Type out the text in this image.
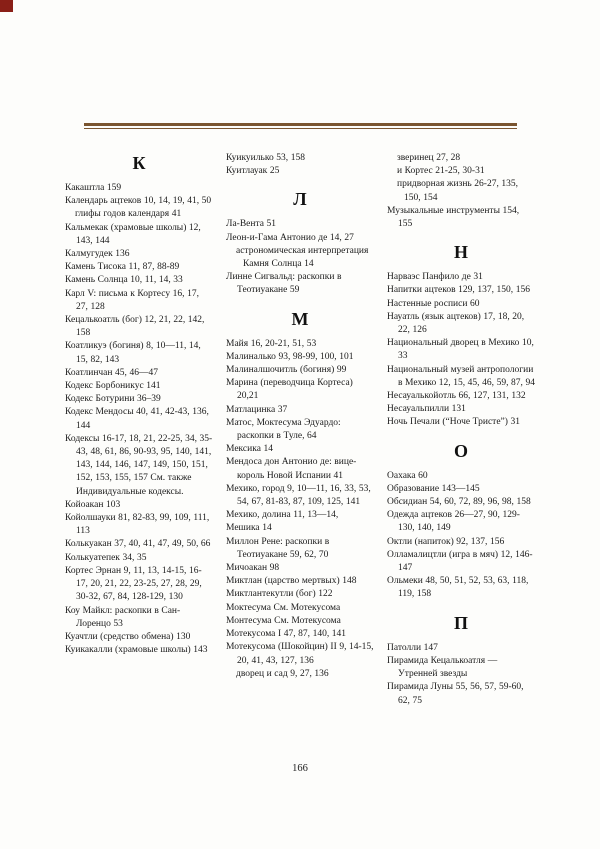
К
Какаштла 159
Календарь ацтеков 10, 14, 19, 41, 50
глифы годов календаря 41
Кальмекак (храмовые школы) 12, 143, 144
Калмугудек 136
Камень Тисока 11, 87, 88-89
Камень Солнца 10, 11, 14, 33
Карл V: письма к Кортесу 16, 17, 27, 128
Кецалькоатль (бог) 12, 21, 22, 142, 158
Коатликуэ (богиня) 8, 10—11, 14, 15, 82, 143
Коатлинчан 45, 46—47
Кодекс Борбоникус 141
Кодекс Ботурини 36–39
Кодекс Мендосы 40, 41, 42-43, 136, 144
Кодексы 16-17, 18, 21, 22-25, 34, 35-43, 48, 61, 86, 90-93, 95, 140, 141, 143, 144, 146, 147, 149, 150, 151, 152, 153, 155, 157 См. также Индивидуальные кодексы.
Койоакан 103
Койолшауки 81, 82-83, 99, 109, 111, 113
Колькуакан 37, 40, 41, 47, 49, 50, 66
Колькуатепек 34, 35
Кортес Эрнан 9, 11, 13, 14-15, 16-17, 20, 21, 22, 23-25, 27, 28, 29, 30-32, 67, 84, 128-129, 130
Коу Майкл: раскопки в Сан-Лоренцо 53
Куачтли (средство обмена) 130
Куикакалли (храмовые школы) 143
Куикуилько 53, 158
Куитлауак 25
Л
Ла-Вента 51
Леон-и-Гама Антонио де 14, 27
астрономическая интерпретация Камня Солнца 14
Линне Сигвальд: раскопки в Теотиуакане 59
М
Майя 16, 20-21, 51, 53
Малиналько 93, 98-99, 100, 101
Малиналшочитль (богиня) 99
Марина (переводчица Кортеса) 20,21
Матлацинка 37
Матос, Моктесума Эдуардо: раскопки в Туле, 64
Мексика 14
Мендоса дон Антонио де: вице-король Новой Испании 41
Мехико, город 9, 10—11, 16, 33, 53, 54, 67, 81-83, 87, 109, 125, 141
Мехико, долина 11, 13—14,
Мешика 14
Миллон Рене: раскопки в Теотиуакане 59, 62, 70
Мичоакан 98
Миктлан (царство мертвых) 148
Миктлантекутли (бог) 122
Моктесума См. Мотекусома
Монтесума См. Мотекусома
Мотекусома I 47, 87, 140, 141
Мотекусома (Шокойцин) II 9, 14-15, 20, 41, 43, 127, 136
дворец и сад 9, 27, 136
зверинец 27, 28
и Кортес 21-25, 30-31
придворная жизнь 26-27, 135, 150, 154
Музыкальные инструменты 154, 155
Н
Нарваэс Панфило де 31
Напитки ацтеков 129, 137, 150, 156
Настенные росписи 60
Науатль (язык ацтеков) 17, 18, 20, 22, 126
Национальный дворец в Мехико 10, 33
Национальный музей антропологии в Мехико 12, 15, 45, 46, 59, 87, 94
Несауалькойотль 66, 127, 131, 132
Несауальпилли 131
Ночь Печали (“Ноче Тристе”) 31
О
Оахака 60
Образование 143—145
Обсидиан 54, 60, 72, 89, 96, 98, 158
Одежда ацтеков 26—27, 90, 129-130, 140, 149
Октли (напиток) 92, 137, 156
Олламалицтли (игра в мяч) 12, 146-147
Ольмеки 48, 50, 51, 52, 53, 63, 118, 119, 158
П
Патолли 147
Пирамида Кецалькоатля — Утренней звезды
Пирамида Луны 55, 56, 57, 59-60, 62, 75
166
